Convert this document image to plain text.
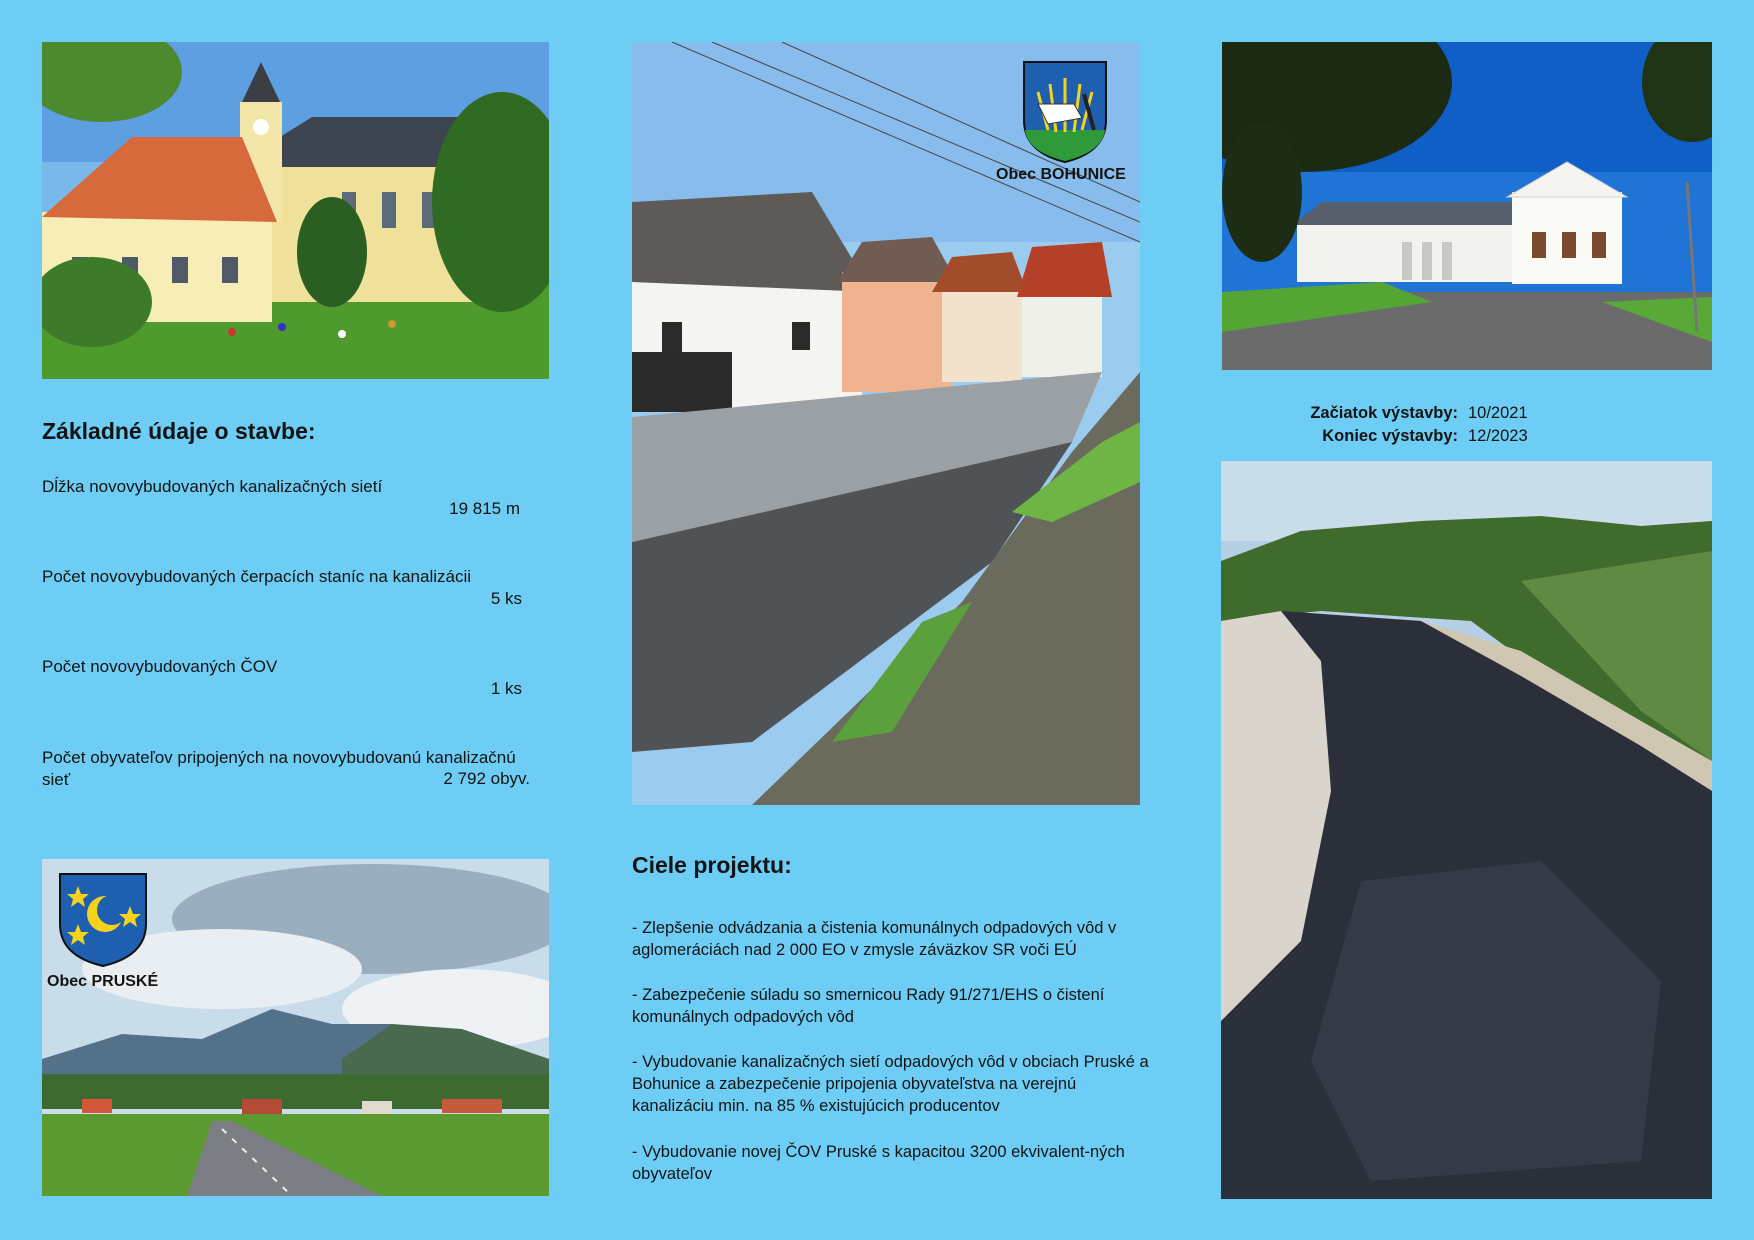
Obec BOHUNICE
Začiatok výstavby: 10/2021
Koniec výstavby: 12/2023
Základné údaje o stavbe:
Dĺžka novovybudovaných kanalizačných sietí
19 815 m
Počet novovybudovaných čerpacích staníc na kanalizácii
5 ks
Počet novovybudovaných ČOV
1 ks
Počet obyvateľov pripojených na novovybudovanú kanalizačnú sieť	2 792 obyv.
Obec PRUSKÉ
Ciele projektu:
- Zlepšenie odvádzania a čistenia komunálnych odpadových vôd v aglomeráciách nad 2 000 EO v zmysle záväzkov SR voči EÚ
- Zabezpečenie súladu so smernicou Rady 91/271/EHS o čistení komunálnych odpadových vôd
- Vybudovanie kanalizačných sietí odpadových vôd v obciach Pruské a Bohunice a zabezpečenie pripojenia obyvateľstva na verejnú kanalizáciu min. na 85 % existujúcich producentov
- Vybudovanie novej ČOV Pruské s kapacitou 3200 ekvivalent-ných obyvateľov
